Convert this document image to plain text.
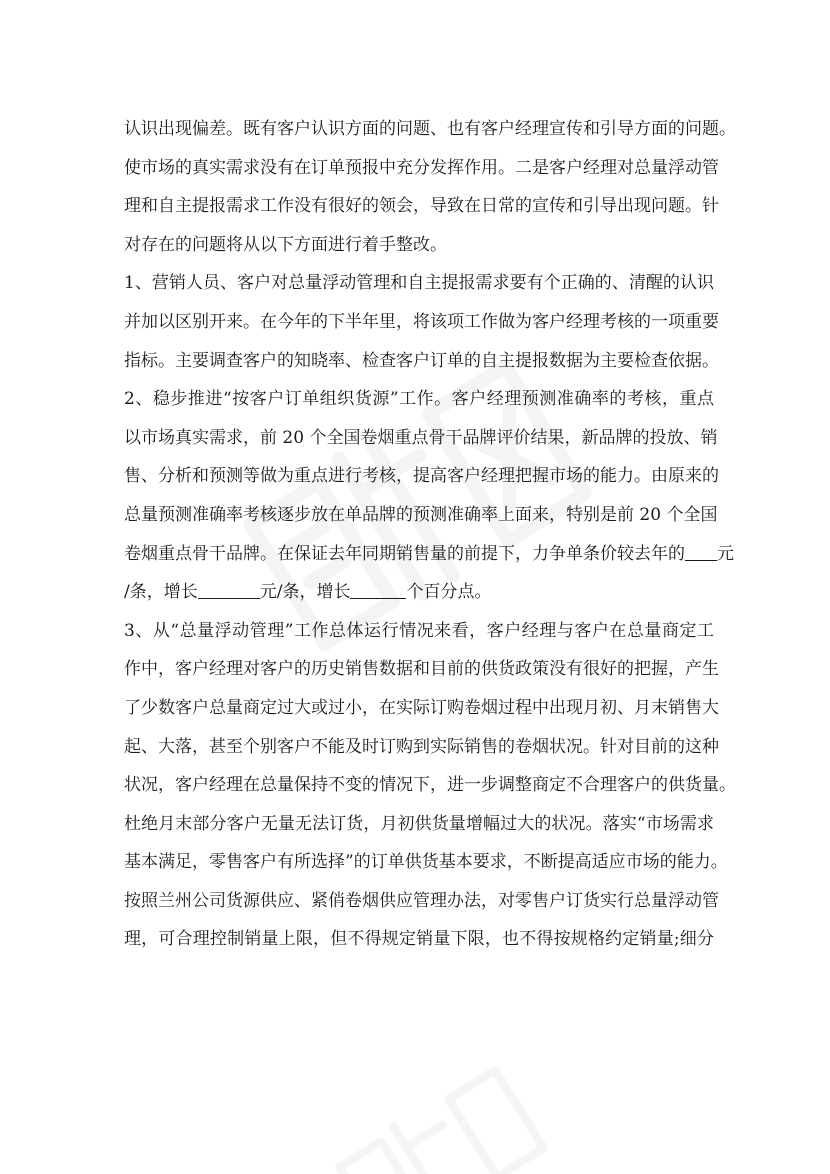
认识出现偏差。既有客户认识方面的问题、也有客户经理宣传和引导方面的问题。
使市场的真实需求没有在订单预报中充分发挥作用。二是客户经理对总量浮动管
理和自主提报需求工作没有很好的领会，导致在日常的宣传和引导出现问题。针
对存在的问题将从以下方面进行着手整改。
1、营销人员、客户对总量浮动管理和自主提报需求要有个正确的、清醒的认识
并加以区别开来。在今年的下半年里，将该项工作做为客户经理考核的一项重要
指标。主要调查客户的知晓率、检查客户订单的自主提报数据为主要检查依据。
2、稳步推进“按客户订单组织货源”工作。客户经理预测准确率的考核，重点
以市场真实需求，前 20 个全国卷烟重点骨干品牌评价结果，新品牌的投放、销
售、分析和预测等做为重点进行考核，提高客户经理把握市场的能力。由原来的
总量预测准确率考核逐步放在单品牌的预测准确率上面来，特别是前 20 个全国
卷烟重点骨干品牌。在保证去年同期销售量的前提下，力争单条价较去年的 元
/条，增长	元/条，增长	个百分点。
3、从“总量浮动管理”工作总体运行情况来看，客户经理与客户在总量商定工
作中，客户经理对客户的历史销售数据和目前的供货政策没有很好的把握，产生
了少数客户总量商定过大或过小，在实际订购卷烟过程中出现月初、月末销售大
起、大落，甚至个别客户不能及时订购到实际销售的卷烟状况。针对目前的这种
状况，客户经理在总量保持不变的情况下，进一步调整商定不合理客户的供货量。
杜绝月末部分客户无量无法订货，月初供货量增幅过大的状况。落实“市场需求
基本满足，零售客户有所选择”的订单供货基本要求，不断提高适应市场的能力。
按照兰州公司货源供应、紧俏卷烟供应管理办法，对零售户订货实行总量浮动管
理，可合理控制销量上限，但不得规定销量下限，也不得按规格约定销量;细分
